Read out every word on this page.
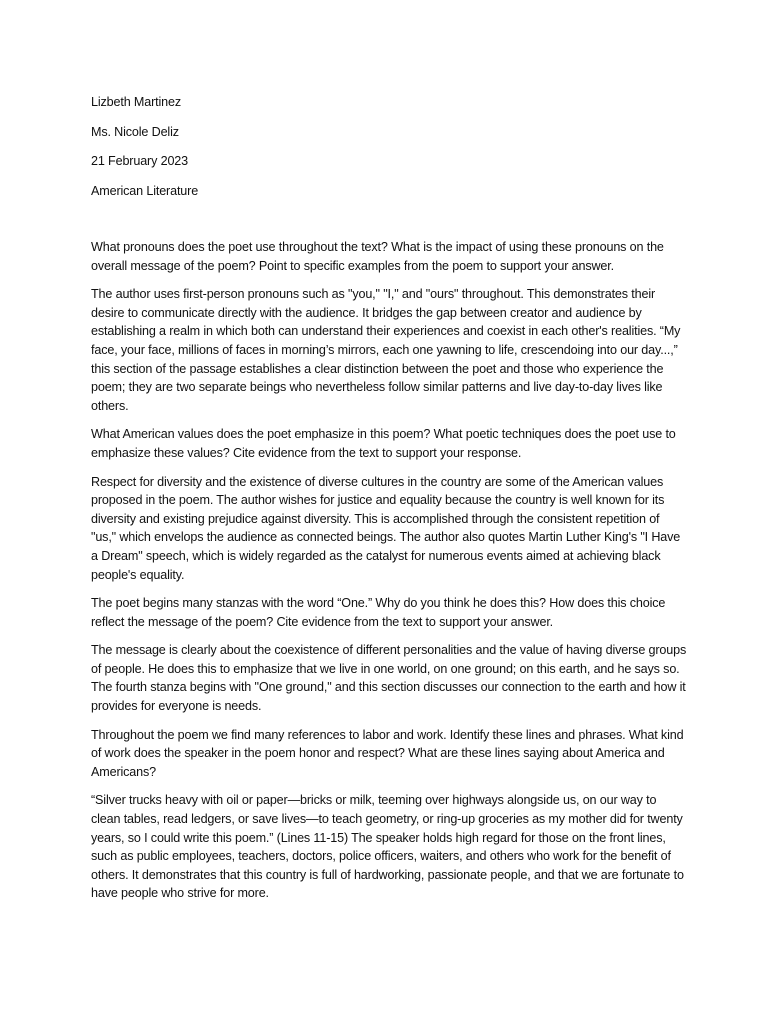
Lizbeth Martinez

Ms. Nicole Deliz

21 February 2023

American Literature

What pronouns does the poet use throughout the text? What is the impact of using these pronouns on the overall message of the poem? Point to specific examples from the poem to support your answer.

The author uses first-person pronouns such as "you," "I," and "ours" throughout. This demonstrates their desire to communicate directly with the audience. It bridges the gap between creator and audience by establishing a realm in which both can understand their experiences and coexist in each other's realities. “My face, your face, millions of faces in morning’s mirrors, each one yawning to life, crescendoing into our day...,” this section of the passage establishes a clear distinction between the poet and those who experience the poem; they are two separate beings who nevertheless follow similar patterns and live day-to-day lives like others.

What American values does the poet emphasize in this poem? What poetic techniques does the poet use to emphasize these values? Cite evidence from the text to support your response.

Respect for diversity and the existence of diverse cultures in the country are some of the American values proposed in the poem. The author wishes for justice and equality because the country is well known for its diversity and existing prejudice against diversity. This is accomplished through the consistent repetition of "us," which envelops the audience as connected beings. The author also quotes Martin Luther King's "I Have a Dream" speech, which is widely regarded as the catalyst for numerous events aimed at achieving black people's equality.

The poet begins many stanzas with the word “One.” Why do you think he does this? How does this choice reflect the message of the poem? Cite evidence from the text to support your answer.

The message is clearly about the coexistence of different personalities and the value of having diverse groups of people. He does this to emphasize that we live in one world, on one ground; on this earth, and he says so. The fourth stanza begins with "One ground," and this section discusses our connection to the earth and how it provides for everyone is needs.

Throughout the poem we find many references to labor and work. Identify these lines and phrases. What kind of work does the speaker in the poem honor and respect? What are these lines saying about America and Americans?

“Silver trucks heavy with oil or paper—bricks or milk, teeming over highways alongside us, on our way to clean tables, read ledgers, or save lives—to teach geometry, or ring-up groceries as my mother did for twenty years, so I could write this poem.” (Lines 11-15) The speaker holds high regard for those on the front lines, such as public employees, teachers, doctors, police officers, waiters, and others who work for the benefit of others. It demonstrates that this country is full of hardworking, passionate people, and that we are fortunate to have people who strive for more.
